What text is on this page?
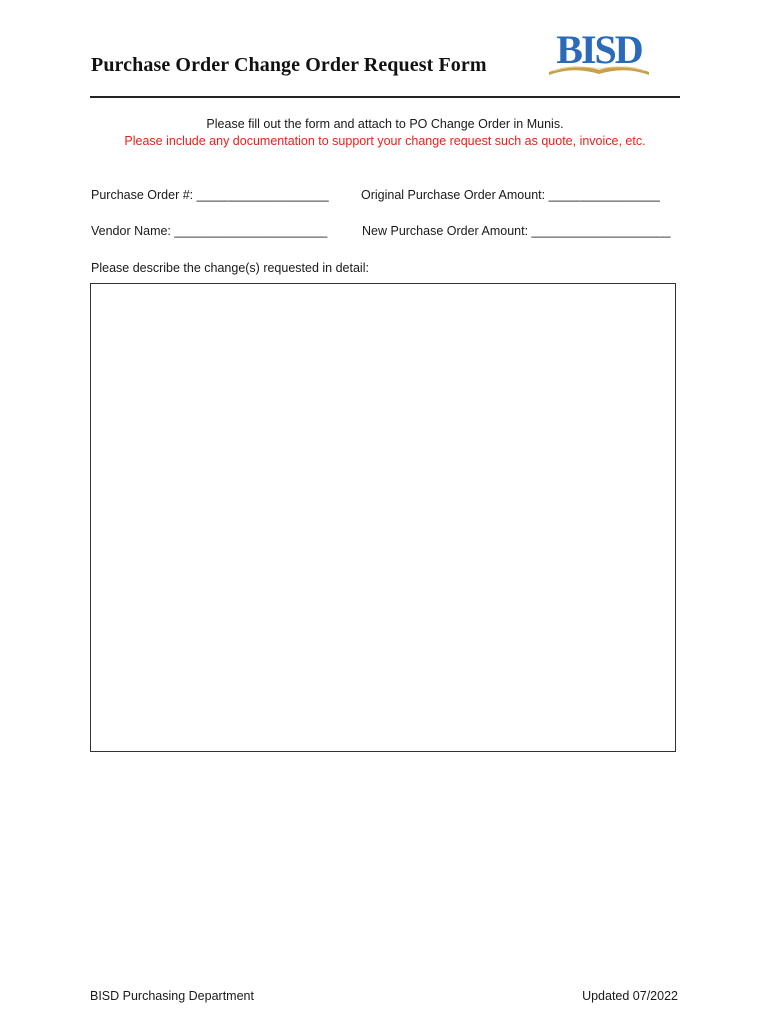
Purchase Order Change Order Request Form BISD
Please fill out the form and attach to PO Change Order in Munis.
Please include any documentation to support your change request such as quote, invoice, etc.
Purchase Order #: ___________________	Original Purchase Order Amount: ________________
Vendor Name: ______________________	New Purchase Order Amount: ____________________
Please describe the change(s) requested in detail:
BISD Purchasing Department	Updated 07/2022
